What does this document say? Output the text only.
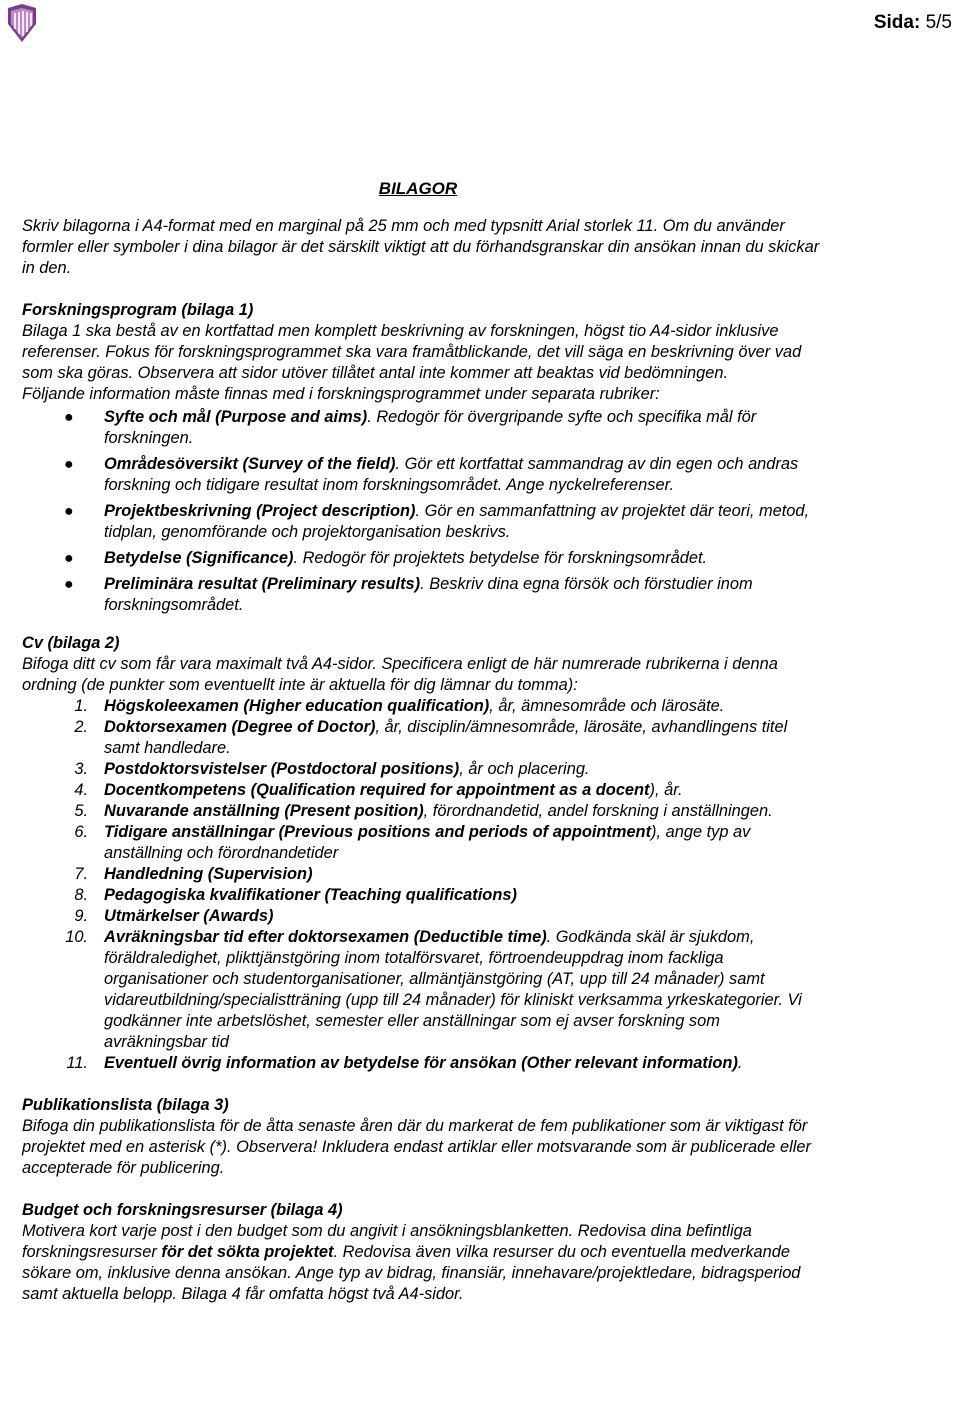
Sida: 5/5
BILAGOR

Skriv bilagorna i A4-format med en marginal på 25 mm och med typsnitt Arial storlek 11. Om du använder formler eller symboler i dina bilagor är det särskilt viktigt att du förhandsgranskar din ansökan innan du skickar in den.

Forskningsprogram (bilaga 1)

Bilaga 1 ska bestå av en kortfattad men komplett beskrivning av forskningen, högst tio A4-sidor inklusive referenser. Fokus för forskningsprogrammet ska vara framåtblickande, det vill säga en beskrivning över vad som ska göras. Observera att sidor utöver tillåtet antal inte kommer att beaktas vid bedömningen.

Följande information måste finnas med i forskningsprogrammet under separata rubriker:

● Syfte och mål (Purpose and aims). Redogör för övergripande syfte och specifika mål för forskningen.
● Områdesöversikt (Survey of the field). Gör ett kortfattat sammandrag av din egen och andras forskning och tidigare resultat inom forskningsområdet. Ange nyckelreferenser.
● Projektbeskrivning (Project description). Gör en sammanfattning av projektet där teori, metod, tidplan, genomförande och projektorganisation beskrivs.
● Betydelse (Significance). Redogör för projektets betydelse för forskningsområdet.
● Preliminära resultat (Preliminary results). Beskriv dina egna försök och förstudier inom forskningsområdet.

Cv (bilaga 2)

Bifoga ditt cv som får vara maximalt två A4-sidor. Specificera enligt de här numrerade rubrikerna i denna ordning (de punkter som eventuellt inte är aktuella för dig lämnar du tomma):

1. Högskoleexamen (Higher education qualification), år, ämnesområde och lärosäte.
2. Doktorsexamen (Degree of Doctor), år, disciplin/ämnesområde, lärosäte, avhandlingens titel samt handledare.
3. Postdoktorsvistelser (Postdoctoral positions), år och placering.
4. Docentkompetens (Qualification required for appointment as a docent), år.
5. Nuvarande anställning (Present position), förordnandetid, andel forskning i anställningen.
6. Tidigare anställningar (Previous positions and periods of appointment), ange typ av anställning och förordnandetider
7. Handledning (Supervision)
8. Pedagogiska kvalifikationer (Teaching qualifications)
9. Utmärkelser (Awards)
10. Avräkningsbar tid efter doktorsexamen (Deductible time). Godkända skäl är sjukdom, föräldraledighet, plikttjänstgöring inom totalförsvaret, förtroendeuppdrag inom fackliga organisationer och studentorganisationer, allmäntjänstgöring (AT, upp till 24 månader) samt vidareutbildning/specialistträning (upp till 24 månader) för kliniskt verksamma yrkeskategorier. Vi godkänner inte arbetslöshet, semester eller anställningar som ej avser forskning som avräkningsbar tid
11. Eventuell övrig information av betydelse för ansökan (Other relevant information).

Publikationslista (bilaga 3)

Bifoga din publikationslista för de åtta senaste åren där du markerat de fem publikationer som är viktigast för projektet med en asterisk (*). Observera! Inkludera endast artiklar eller motsvarande som är publicerade eller accepterade för publicering.

Budget och forskningsresurser (bilaga 4)

Motivera kort varje post i den budget som du angivit i ansökningsblanketten. Redovisa dina befintliga forskningsresurser för det sökta projektet. Redovisa även vilka resurser du och eventuella medverkande sökare om, inklusive denna ansökan. Ange typ av bidrag, finansiär, innehavare/projektledare, bidragsperiod samt aktuella belopp. Bilaga 4 får omfatta högst två A4-sidor.
